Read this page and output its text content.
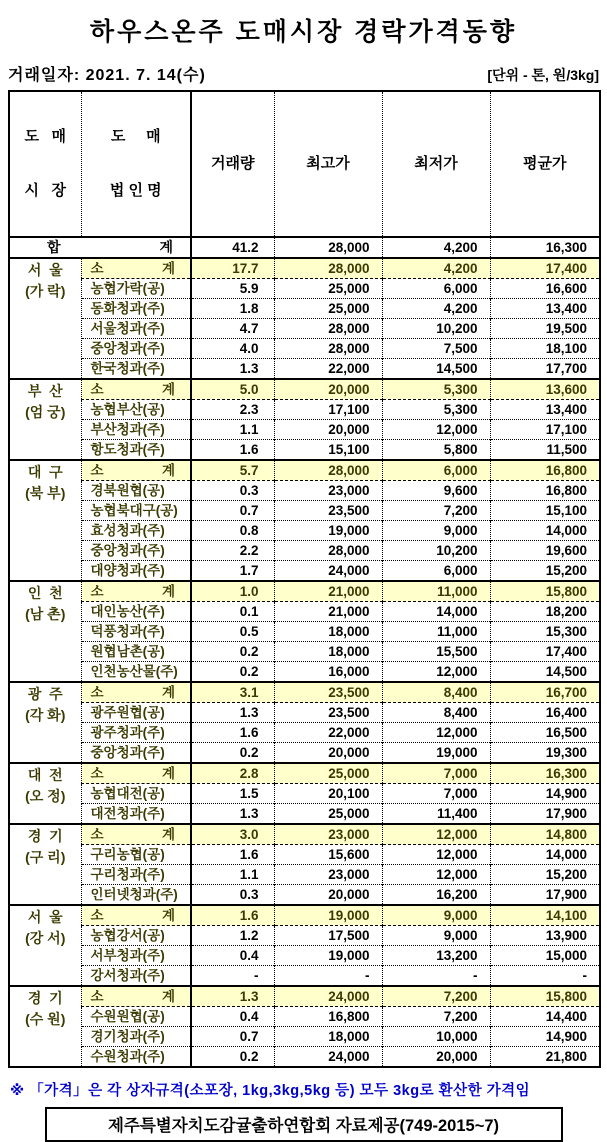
하우스온주 도매시장 경락가격동향
거래일자: 2021. 7. 14(수)	[단위 - 톤, 원/3kg]

도   매

시   장

도     매

법 인 명

	거래량	최고가	최저가	평균가

합 계		41.2	28,000	4,200	16,300

서  울
(가 락)

소	계	17.7	28,000	4,200	17,400
	농협가락(공)	5.9	25,000	6,000	16,600
	동화청과(주)	1.8	25,000	4,200	13,400
	서울청과(주)	4.7	28,000	10,200	19,500
	중앙청과(주)	4.0	28,000	7,500	18,100
	한국청과(주)	1.3	22,000	14,500	17,700

부  산
(엄 궁)

소	계	5.0	20,000	5,300	13,600
	농협부산(공)	2.3	17,100	5,300	13,400
	부산청과(주)	1.1	20,000	12,000	17,100
	항도청과(주)	1.6	15,100	5,800	11,500

대  구
(북 부)

소	계	5.7	28,000	6,000	16,800
	경북원협(공)	0.3	23,000	9,600	16,800
	농협북대구(공)	0.7	23,500	7,200	15,100
	효성청과(주)	0.8	19,000	9,000	14,000
	중앙청과(주)	2.2	28,000	10,200	19,600
	대양청과(주)	1.7	24,000	6,000	15,200

인  천
(남 촌)

소	계	1.0	21,000	11,000	15,800
	대인농산(주)	0.1	21,000	14,000	18,200
	덕풍청과(주)	0.5	18,000	11,000	15,300
	원협남촌(공)	0.2	18,000	15,500	17,400
	인천농산물(주)	0.2	16,000	12,000	14,500

광  주
(각 화)

소	계	3.1	23,500	8,400	16,700
	광주원협(공)	1.3	23,500	8,400	16,400
	광주청과(주)	1.6	22,000	12,000	16,500
	중앙청과(주)	0.2	20,000	19,000	19,300

대  전
(오 정)

소	계	2.8	25,000	7,000	16,300
	농협대전(공)	1.5	20,100	7,000	14,900
	대전청과(주)	1.3	25,000	11,400	17,900

경  기
(구 리)

소	계	3.0	23,000	12,000	14,800
	구리농협(공)	1.6	15,600	12,000	14,000
	구리청과(주)	1.1	23,000	12,000	15,200
	인터넷청과(주)	0.3	20,000	16,200	17,900

서  울
(강 서)

소	계	1.6	19,000	9,000	14,100
	농협강서(공)	1.2	17,500	9,000	13,900
	서부청과(주)	0.4	19,000	13,200	15,000
	강서청과(주)	-	-	-	-

경  기
(수 원)

소	계	1.3	24,000	7,200	15,800
	수원원협(공)	0.4	16,800	7,200	14,400
	경기청과(주)	0.7	18,000	10,000	14,900
	수원청과(주)	0.2	24,000	20,000	21,800
※ 「가격」은 각 상자규격(소포장, 1kg,3kg,5kg 등) 모두 3kg로 환산한 가격임
제주특별자치도감귤출하연합회 자료제공(749-2015~7)
